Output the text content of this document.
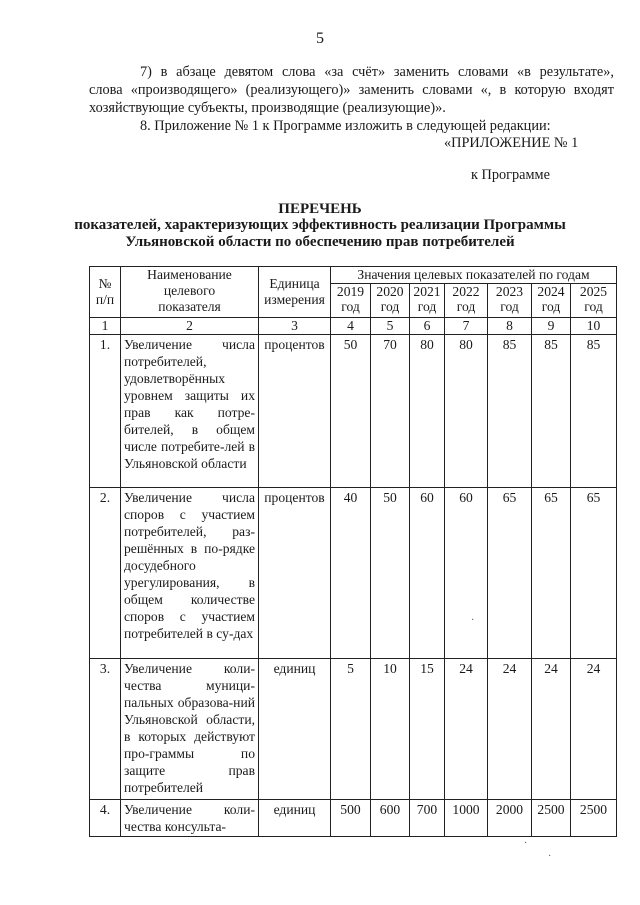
5
7) в абзаце девятом слова «за счёт» заменить словами «в результате»,
слова «производящего» (реализующего)» заменить словами «, в которую входят
хозяйствующие субъекты, производящие (реализующие)».
8. Приложение № 1 к Программе изложить в следующей редакции:
«ПРИЛОЖЕНИЕ № 1
к Программе
ПЕРЕЧЕНЬ
показателей, характеризующих эффективность реализации Программы
Ульяновской области по обеспечению прав потребителей
№ п/п	Наименование целевого показателя	Единица измерения	Значения целевых показателей по годам						
			2019 год	2020 год	2021 год	2022 год	2023 год	2024 год	2025 год
1	2	3	4	5	6	7	8	9	10
1.	Увеличение числа потребителей, удовлетворённых уровнем защиты их прав как потре-бителей, в общем числе потребите-лей в Ульяновской области	процентов	50	70	80	80	85	85	85
2.	Увеличение числа споров с участием потребителей, раз-решённых в по-рядке досудебного урегулирования, в общем количестве споров с участием потребителей в су-дах	процентов	40	50	60	60	65	65	65
3.	Увеличение коли-чества муници-пальных образова-ний Ульяновской области, в которых действуют про-граммы по защите прав потребителей	единиц	5	10	15	24	24	24	24
4.	Увеличение коли-чества консульта-	единиц	500	600	700	1000	2000	2500	2500
·
·
·
